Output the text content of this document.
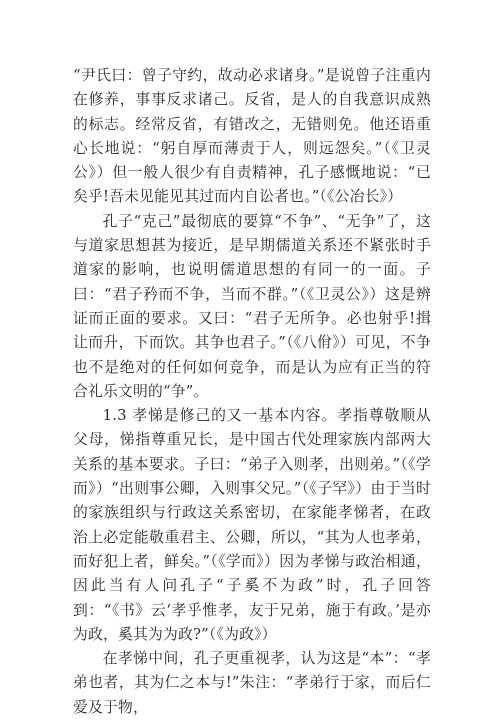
“尹氏曰：曾子守约，故动必求诸身。”是说曾子注重内在修养，事事反求诸己。反省，是人的自我意识成熟的标志。经常反省，有错改之，无错则免。他还语重心长地说：“躬自厚而薄责于人，则远怨矣。”（《卫灵公》）但一般人很少有自责精神，孔子感慨地说：“已矣乎!吾未见能见其过而内自讼者也。”（《公冶长》）

孔子“克己”最彻底的要算“不争”、“无争”了，这与道家思想甚为接近，是早期儒道关系还不紧张时手道家的影响，也说明儒道思想的有同一的一面。子曰：“君子矜而不争，当而不群。”（《卫灵公》）这是辨证而正面的要求。又曰：“君子无所争。必也射乎!揖让而升，下而饮。其争也君子。”（《八佾》）可见，不争也不是绝对的任何如何竞争，而是认为应有正当的符合礼乐文明的“争”。

1.3 孝悌是修己的又一基本内容。孝指尊敬顺从父母，悌指尊重兄长，是中国古代处理家族内部两大关系的基本要求。子曰：“弟子入则孝，出则弟。”（《学而》）“出则事公卿，入则事父兄。”（《子罕》）由于当时的家族组织与行政这关系密切，在家能孝悌者，在政治上必定能敬重君主、公卿，所以，“其为人也孝弟，而好犯上者，鲜矣。”（《学而》）因为孝悌与政治相通，因此当有人问孔子“子奚不为政”时，孔子回答到：“《书》云‘孝乎惟孝，友于兄弟，施于有政。’是亦为政，奚其为为政?”（《为政》）

在孝悌中间，孔子更重视孝，认为这是“本”：“孝弟也者，其为仁之本与!”朱注：“孝弟行于家，而后仁爱及于物，
